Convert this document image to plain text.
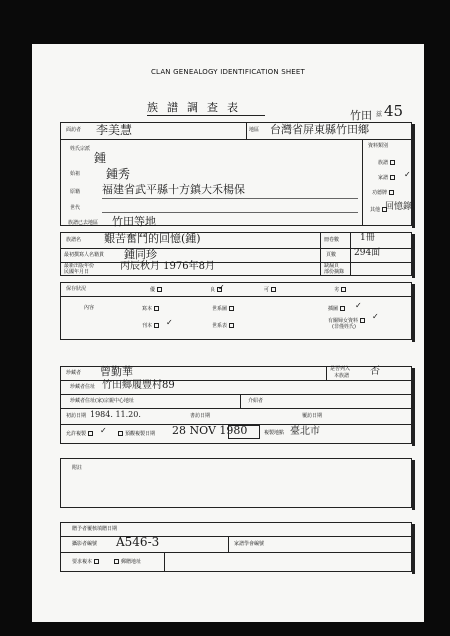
CLAN GENEALOGY IDENTIFICATION SHEET
族譜調查表
竹田 兹 45
面訪者 李美慧	地區 台灣省屏東縣竹田鄉
姓氏宗派
鍾
始祖 鍾秀
原籍 福建省武平縣十方鎮大禾楊保
世代
族譜已去地區 竹田等地
資料類別
族譜
家譜	✓
功德牌
其他 回憶錄
族譜名 艱苦奮鬥的回憶(鍾)	冊卷數 1冊
最初撰寫人名籍貫 鍾同珍	頁數 294面
最新出版年份
民國年月日	丙辰秋月 1976年8月	缺漏頁
部份摘錄
保存狀況	優	良 ✓	可	劣
內容	寫本	世系圖	插圖	✓
刊本	✓	世系表
有關婦女資料	✓
(非僅姓氏)
珍藏者 曾勤華	是否列入
本族譜 否
珍藏者住址 竹田鄉履豐村89
珍藏者住址(家)宗親中心地址	介紹者
初訪日期 1984. 11.20.	書訪日期	覆訪日期
允許複製	✓	預觀複製日期 28 NOV 1980	複製地點 臺北市
附註
贈予者覆核填贈日期
攝影者編號 A546-3	家譜學會編號
要求複本	郵贈地址
